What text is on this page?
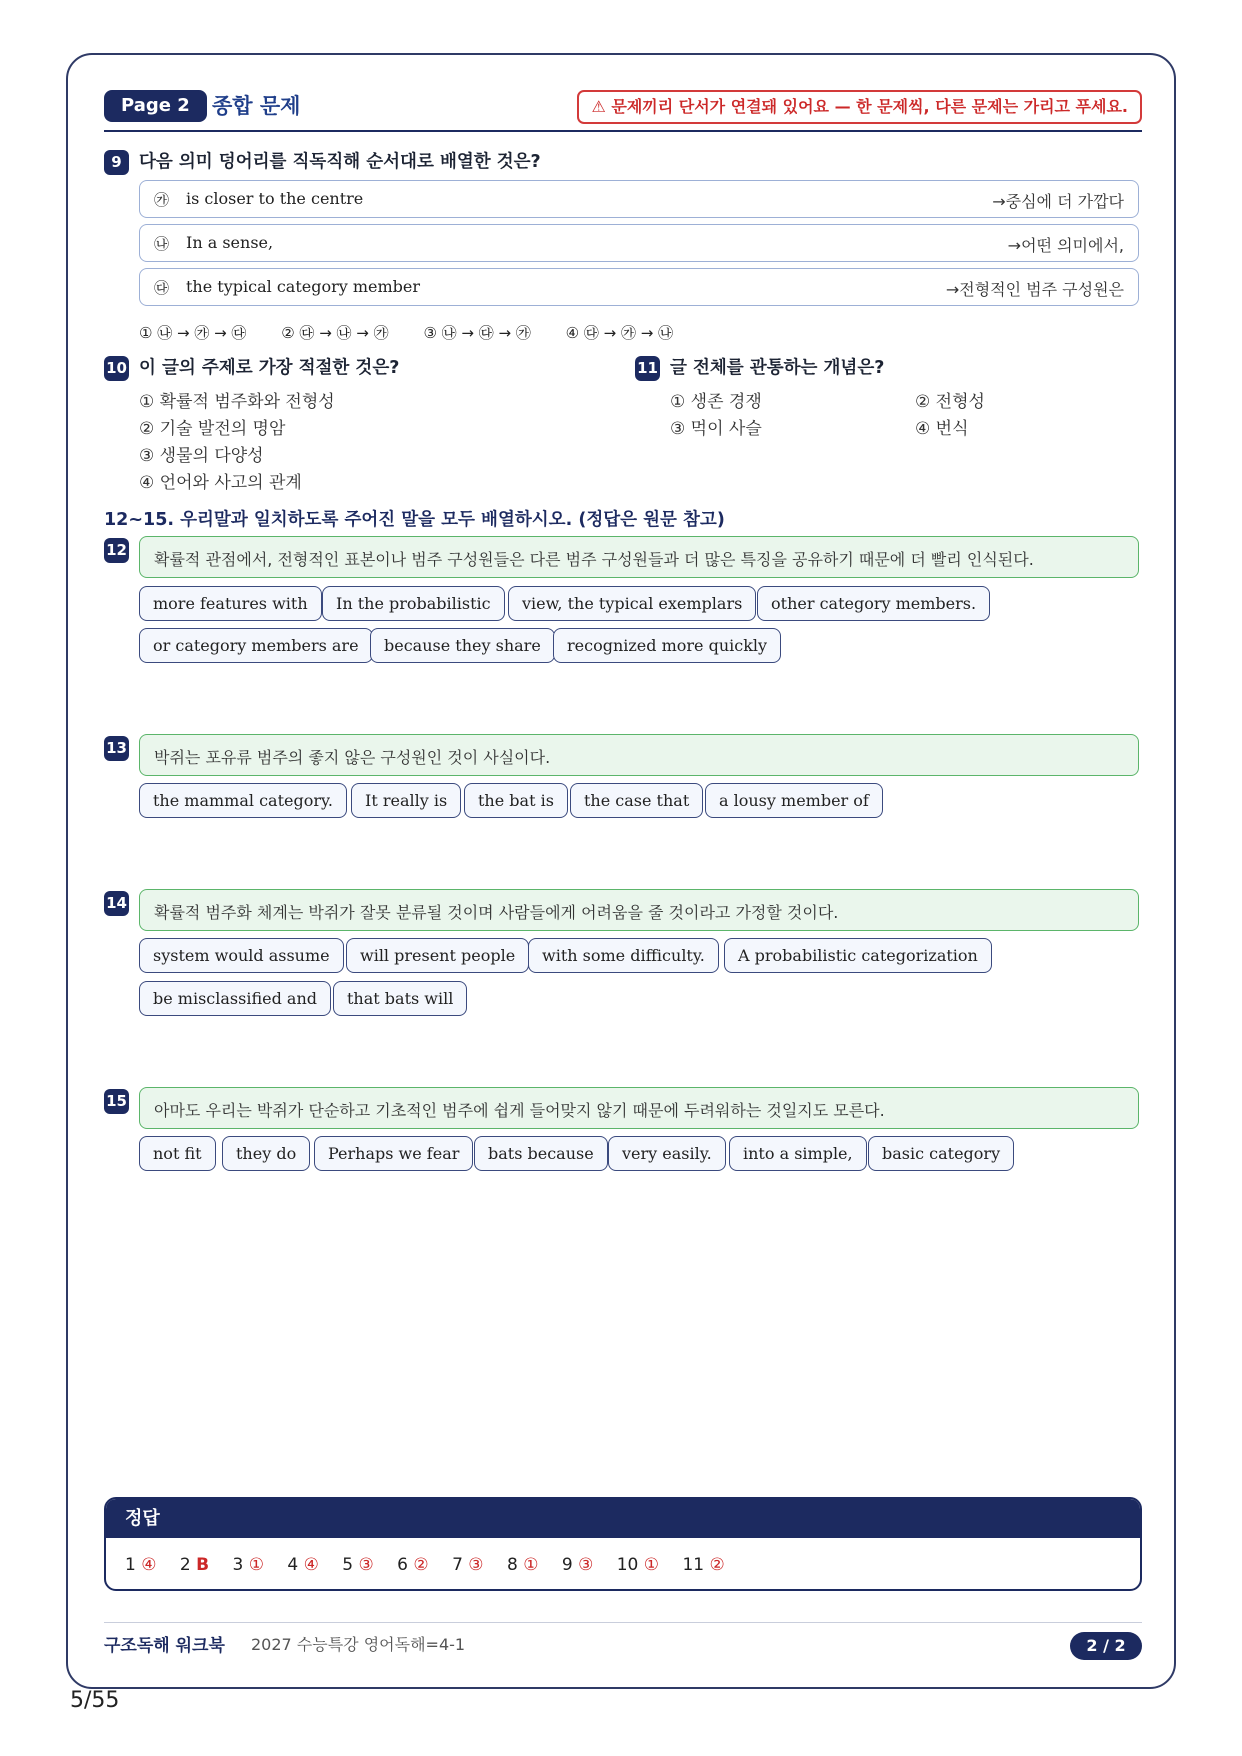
Page 2	종합 문제	⚠ 문제끼리 단서가 연결돼 있어요 — 한 문제씩, 다른 문제는 가리고 푸세요.
9 다음 의미 덩어리를 직독직해 순서대로 배열한 것은?
㉮ is closer to the centre	→중심에 더 가깝다
㉯ In a sense,	→어떤 의미에서,
㉰ the typical category member	→전형적인 범주 구성원은
① ㉯ → ㉮ → ㉰ ② ㉰ → ㉯ → ㉮ ③ ㉯ → ㉰ → ㉮ ④ ㉰ → ㉮ → ㉯
10 이 글의 주제로 가장 적절한 것은?
① 확률적 범주화와 전형성
② 기술 발전의 명암
③ 생물의 다양성
④ 언어와 사고의 관계
11 글 전체를 관통하는 개념은?
① 생존 경쟁	② 전형성
③ 먹이 사슬	④ 번식
12~15. 우리말과 일치하도록 주어진 말을 모두 배열하시오. (정답은 원문 참고)
12 확률적 관점에서, 전형적인 표본이나 범주 구성원들은 다른 범주 구성원들과 더 많은 특징을 공유하기 때문에 더 빨리 인식된다.
more features with	In the probabilistic	view, the typical exemplars	other category members.
or category members are	because they share	recognized more quickly
13 박쥐는 포유류 범주의 좋지 않은 구성원인 것이 사실이다.
the mammal category.	It really is	the bat is	the case that	a lousy member of
14 확률적 범주화 체계는 박쥐가 잘못 분류될 것이며 사람들에게 어려움을 줄 것이라고 가정할 것이다.
system would assume	will present people	with some difficulty.	A probabilistic categorization
be misclassified and	that bats will
15 아마도 우리는 박쥐가 단순하고 기초적인 범주에 쉽게 들어맞지 않기 때문에 두려워하는 것일지도 모른다.
not fit	they do	Perhaps we fear	bats because	very easily.	into a simple,	basic category
정답
1 ④ 2 B 3 ① 4 ④ 5 ③ 6 ② 7 ③ 8 ① 9 ③ 10 ① 11 ②
구조독해 워크북 2027 수능특강 영어독해=4-1	2 / 2
5/55
